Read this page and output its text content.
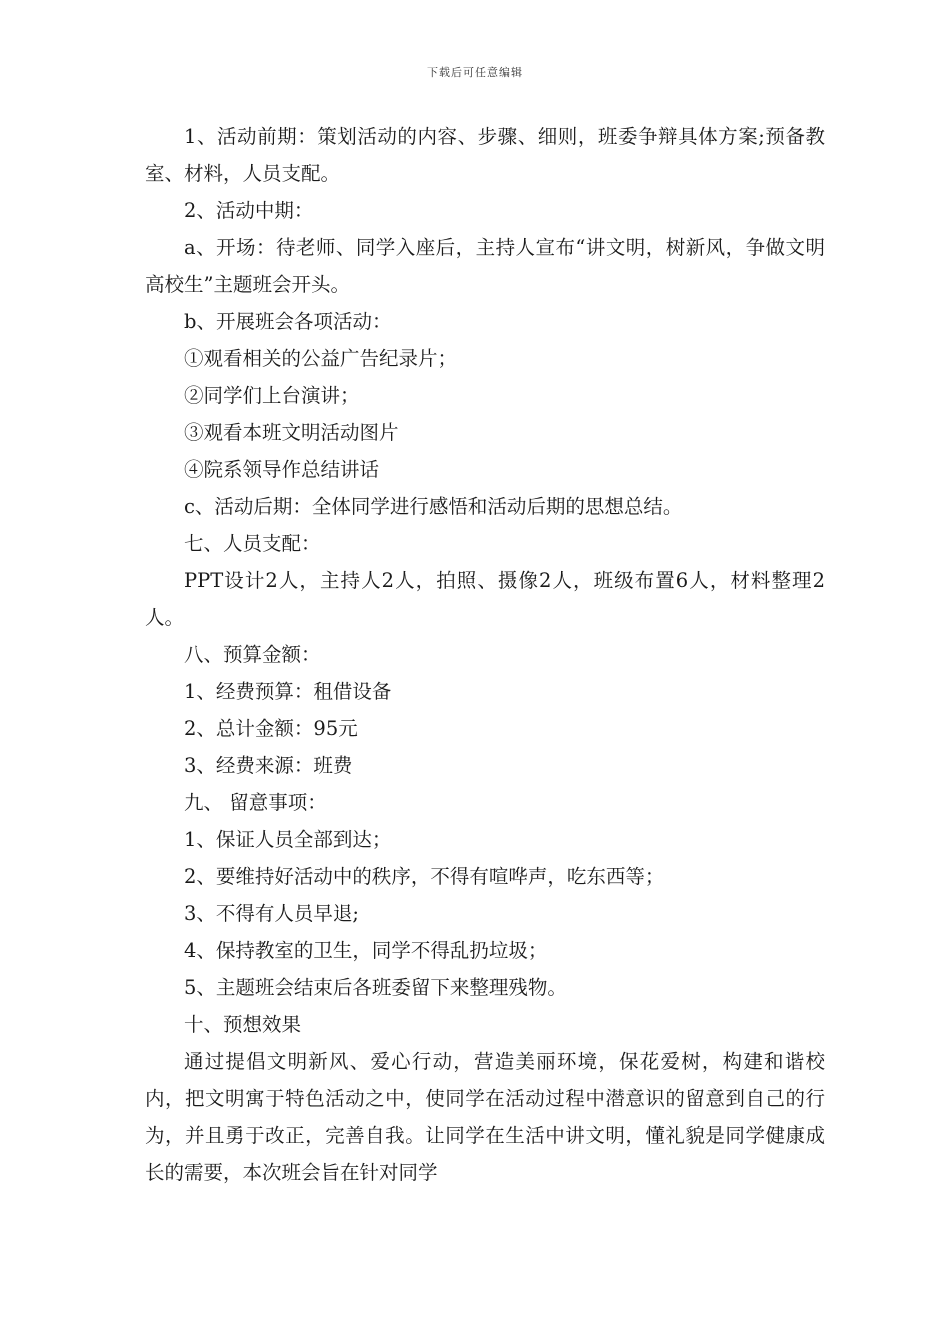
下载后可任意编辑

1、活动前期：策划活动的内容、步骤、细则，班委争辩具体方案;预备教室、材料，人员支配。

2、活动中期：

a、开场：待老师、同学入座后，主持人宣布“讲文明，树新风，争做文明高校生”主题班会开头。

b、开展班会各项活动：

①观看相关的公益广告纪录片；

②同学们上台演讲；

③观看本班文明活动图片

④院系领导作总结讲话

c、活动后期：全体同学进行感悟和活动后期的思想总结。

七、人员支配：

PPT设计2人，主持人2人，拍照、摄像2人，班级布置6人，材料整理2人。

八、预算金额：

1、经费预算：租借设备

2、总计金额：95元

3、经费来源：班费

九、 留意事项：

1、保证人员全部到达；

2、要维持好活动中的秩序，不得有喧哗声，吃东西等；

3、不得有人员早退;

4、保持教室的卫生，同学不得乱扔垃圾；

5、主题班会结束后各班委留下来整理残物。

十、预想效果

通过提倡文明新风、爱心行动，营造美丽环境，保花爱树，构建和谐校内，把文明寓于特色活动之中，使同学在活动过程中潜意识的留意到自己的行为，并且勇于改正，完善自我。让同学在生活中讲文明，懂礼貌是同学健康成长的需要，本次班会旨在针对同学
